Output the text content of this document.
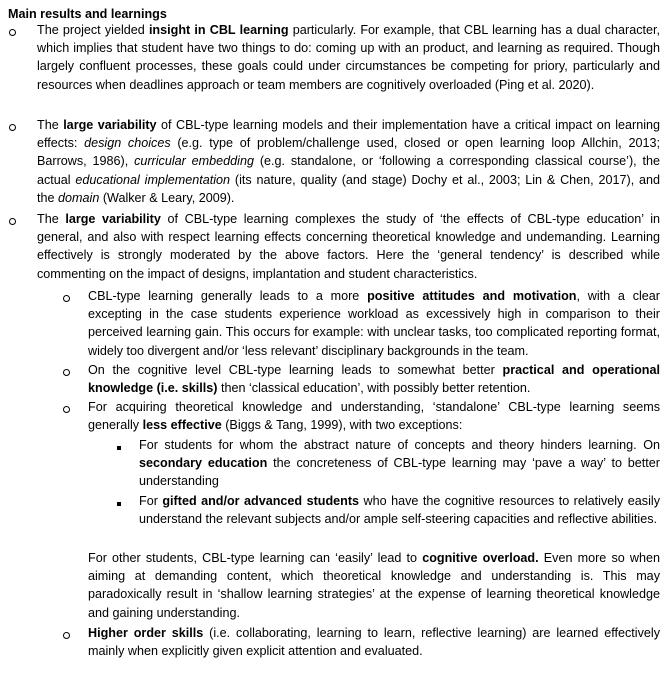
Main results and learnings
The project yielded insight in CBL learning particularly. For example, that CBL learning has a dual character, which implies that student have two things to do: coming up with an product, and learning as required. Though largely confluent processes, these goals could under circumstances be competing for priory, particularly and resources when deadlines approach or team members are cognitively overloaded (Ping et al. 2020).
The large variability of CBL-type learning models and their implementation have a critical impact on learning effects: design choices (e.g. type of problem/challenge used, closed or open learning loop Allchin, 2013; Barrows, 1986), curricular embedding (e.g. standalone, or ‘following a corresponding classical course’), the actual educational implementation (its nature, quality (and stage) Dochy et al., 2003; Lin & Chen, 2017), and the domain (Walker & Leary, 2009).
The large variability of CBL-type learning complexes the study of ‘the effects of CBL-type education’ in general, and also with respect learning effects concerning theoretical knowledge and undemanding. Learning effectively is strongly moderated by the above factors. Here the ‘general tendency’ is described while commenting on the impact of designs, implantation and student characteristics.
CBL-type learning generally leads to a more positive attitudes and motivation, with a clear excepting in the case students experience workload as excessively high in comparison to their perceived learning gain. This occurs for example: with unclear tasks, too complicated reporting format, widely too divergent and/or ‘less relevant’ disciplinary backgrounds in the team.
On the cognitive level CBL-type learning leads to somewhat better practical and operational knowledge (i.e. skills) then ‘classical education’, with possibly better retention.
For acquiring theoretical knowledge and understanding, ‘standalone’ CBL-type learning seems generally less effective (Biggs & Tang, 1999), with two exceptions:
For students for whom the abstract nature of concepts and theory hinders learning. On secondary education the concreteness of CBL-type learning may ‘pave a way’ to better understanding
For gifted and/or advanced students who have the cognitive resources to relatively easily understand the relevant subjects and/or ample self-steering capacities and reflective abilities.
For other students, CBL-type learning can ‘easily’ lead to cognitive overload. Even more so when aiming at demanding content, which theoretical knowledge and understanding is. This may paradoxically result in ‘shallow learning strategies’ at the expense of learning theoretical knowledge and gaining understanding.
Higher order skills (i.e. collaborating, learning to learn, reflective learning) are learned effectively mainly when explicitly given explicit attention and evaluated.
